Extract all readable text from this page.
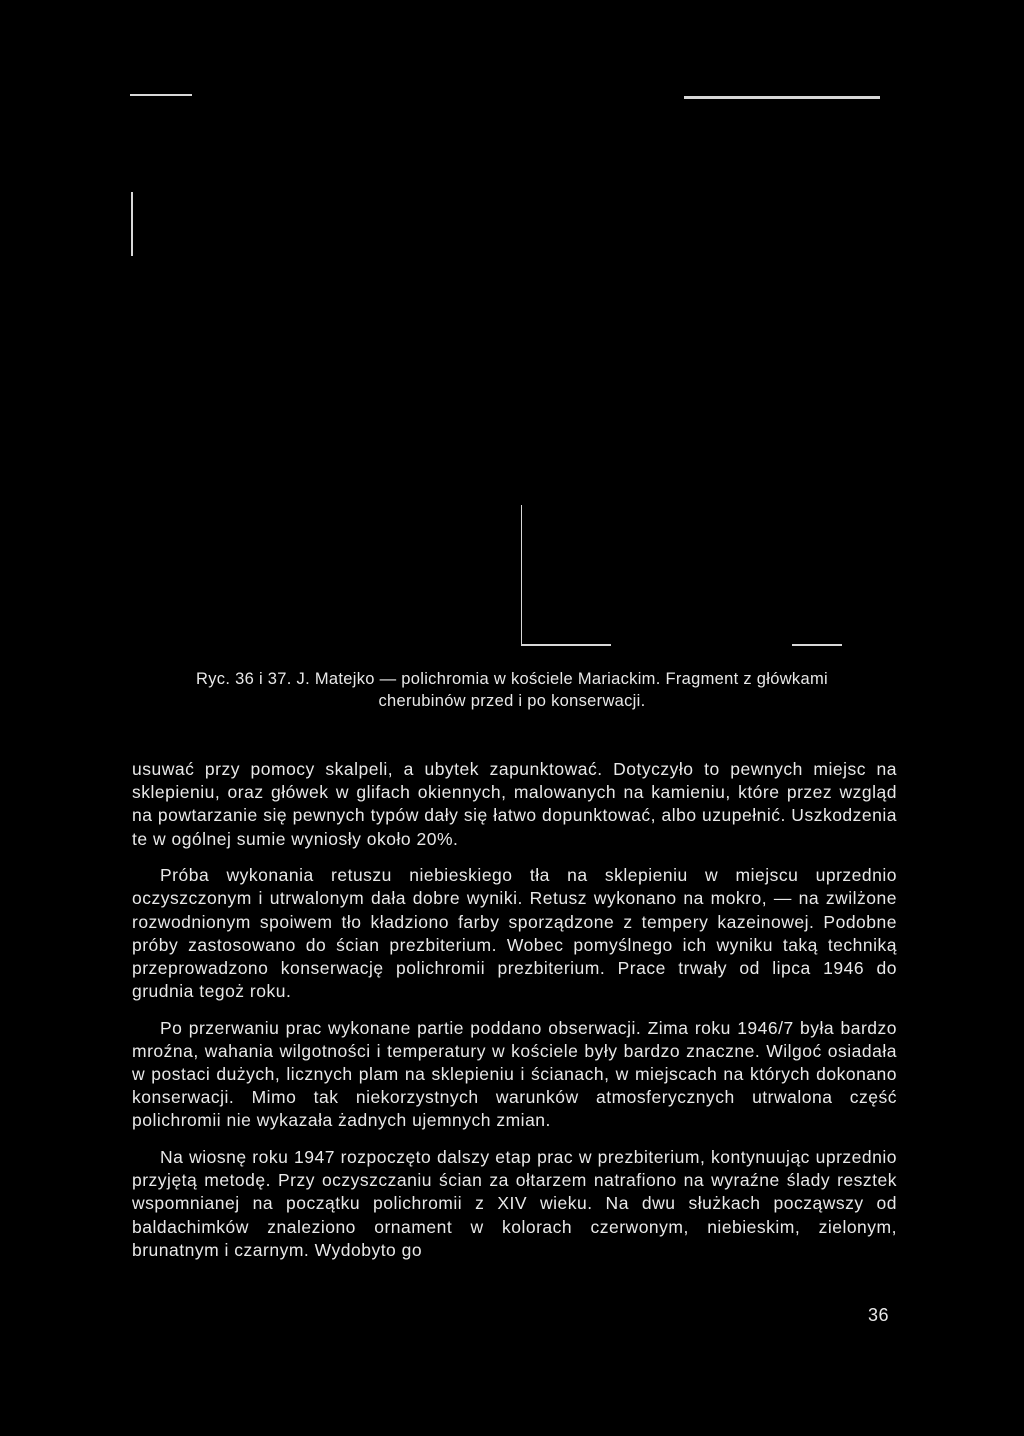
Ryc. 36 i 37. J. Matejko — polichromia w kościele Mariackim. Fragment z główkami
cherubinów przed i po konserwacji.

usuwać przy pomocy skalpeli, a ubytek zapunktować. Dotyczyło to pewnych miejsc na sklepieniu, oraz główek w glifach okiennych, malowanych na kamieniu, które przez wzgląd na powtarzanie się pewnych typów dały się łatwo dopunktować, albo uzupełnić. Uszkodzenia te w ogólnej sumie wyniosły około 20%.

Próba wykonania retuszu niebieskiego tła na sklepieniu w miejscu uprzednio oczyszczonym i utrwalonym dała dobre wyniki. Retusz wykonano na mokro, — na zwilżone rozwodnionym spoiwem tło kładziono farby sporządzone z tempery kazeinowej. Podobne próby zastosowano do ścian prezbiterium. Wobec pomyślnego ich wyniku taką techniką przeprowadzono konserwację polichromii prezbiterium. Prace trwały od lipca 1946 do grudnia tegoż roku.

Po przerwaniu prac wykonane partie poddano obserwacji. Zima roku 1946/7 była bardzo mroźna, wahania wilgotności i temperatury w kościele były bardzo znaczne. Wilgoć osiadała w postaci dużych, licznych plam na sklepieniu i ścianach, w miejscach na których dokonano konserwacji. Mimo tak niekorzystnych warunków atmosferycznych utrwalona część polichromii nie wykazała żadnych ujemnych zmian.

Na wiosnę roku 1947 rozpoczęto dalszy etap prac w prezbiterium, kontynuując uprzednio przyjętą metodę. Przy oczyszczaniu ścian za ołtarzem natrafiono na wyraźne ślady resztek wspomnianej na początku polichromii z XIV wieku. Na dwu służkach począwszy od baldachimków znaleziono ornament w kolorach czerwonym, niebieskim, zielonym, brunatnym i czarnym. Wydobyto go

36
